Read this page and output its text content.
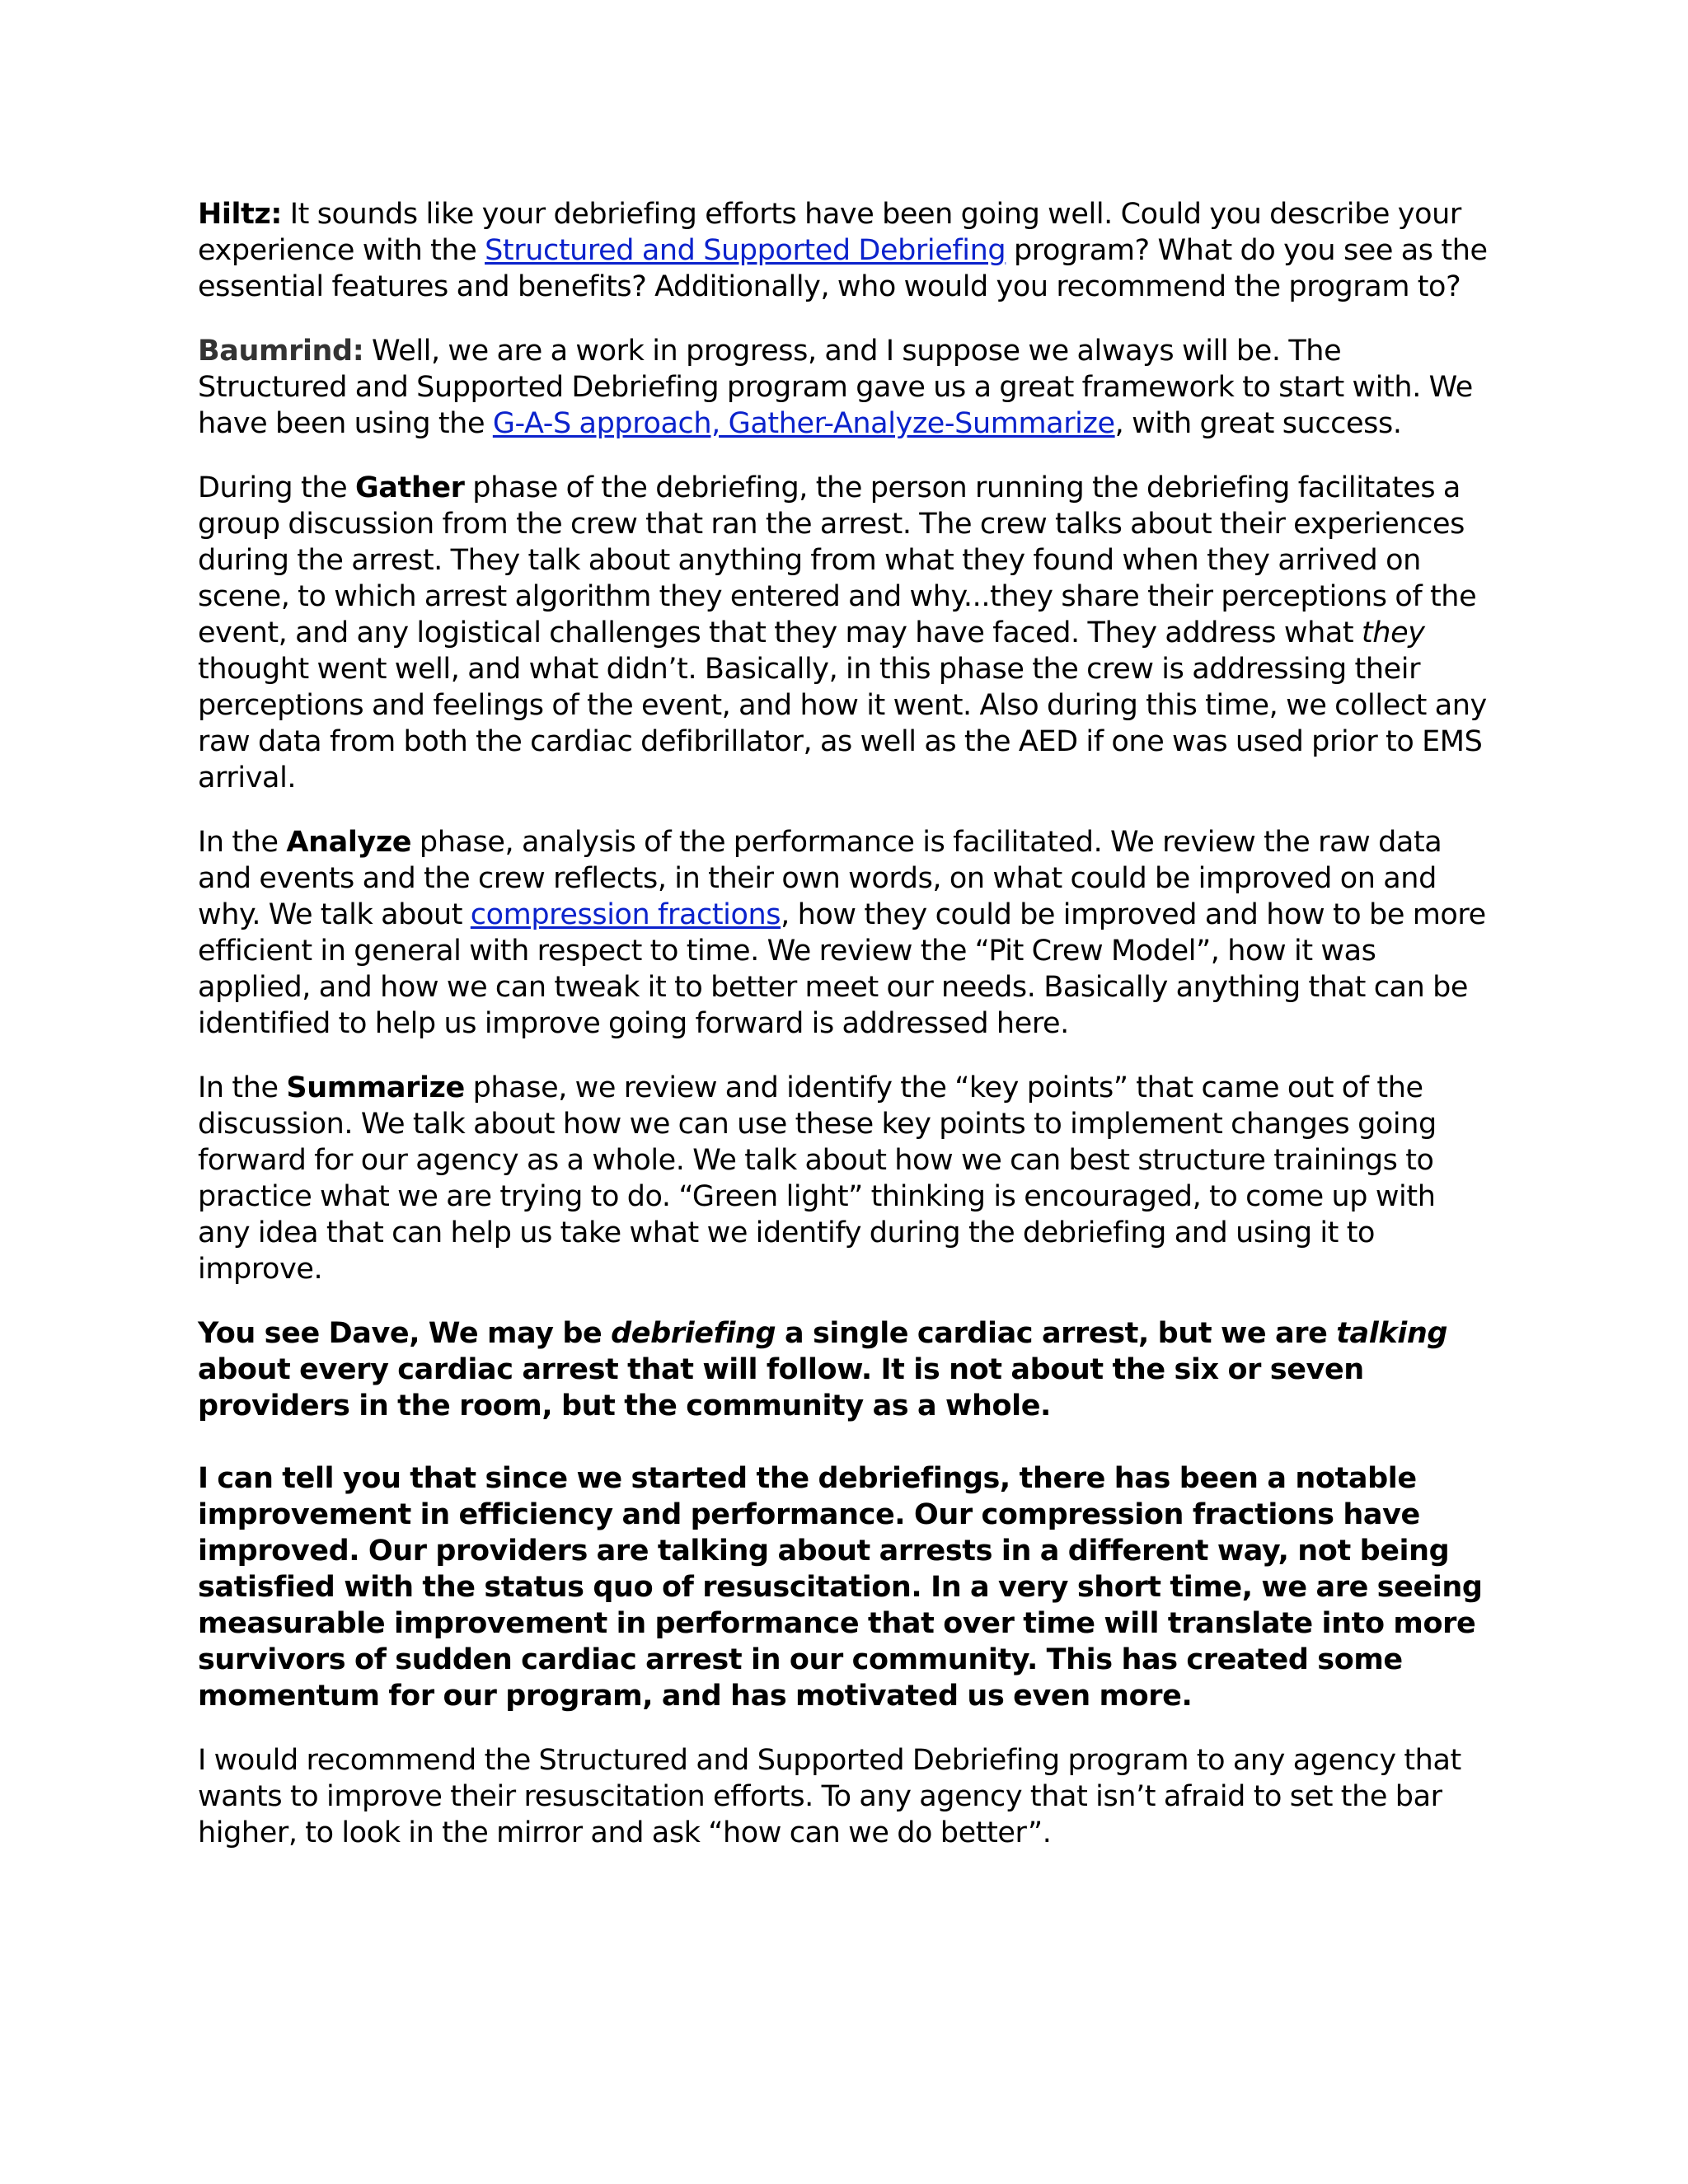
Hiltz: It sounds like your debriefing efforts have been going well. Could you describe your experience with the Structured and Supported Debriefing program? What do you see as the essential features and benefits? Additionally, who would you recommend the program to?

Baumrind: Well, we are a work in progress, and I suppose we always will be. The Structured and Supported Debriefing program gave us a great framework to start with. We have been using the G-A-S approach, Gather-Analyze-Summarize, with great success.

During the Gather phase of the debriefing, the person running the debriefing facilitates a group discussion from the crew that ran the arrest. The crew talks about their experiences during the arrest. They talk about anything from what they found when they arrived on scene, to which arrest algorithm they entered and why...they share their perceptions of the event, and any logistical challenges that they may have faced. They address what they thought went well, and what didn’t. Basically, in this phase the crew is addressing their perceptions and feelings of the event, and how it went. Also during this time, we collect any raw data from both the cardiac defibrillator, as well as the AED if one was used prior to EMS arrival.

In the Analyze phase, analysis of the performance is facilitated. We review the raw data and events and the crew reflects, in their own words, on what could be improved on and why. We talk about compression fractions, how they could be improved and how to be more efficient in general with respect to time. We review the “Pit Crew Model”, how it was applied, and how we can tweak it to better meet our needs. Basically anything that can be identified to help us improve going forward is addressed here.

In the Summarize phase, we review and identify the “key points” that came out of the discussion. We talk about how we can use these key points to implement changes going forward for our agency as a whole. We talk about how we can best structure trainings to practice what we are trying to do. “Green light” thinking is encouraged, to come up with any idea that can help us take what we identify during the debriefing and using it to improve.

You see Dave, We may be debriefing a single cardiac arrest, but we are talking about every cardiac arrest that will follow. It is not about the six or seven providers in the room, but the community as a whole.

I can tell you that since we started the debriefings, there has been a notable improvement in efficiency and performance. Our compression fractions have improved. Our providers are talking about arrests in a different way, not being satisfied with the status quo of resuscitation. In a very short time, we are seeing measurable improvement in performance that over time will translate into more survivors of sudden cardiac arrest in our community. This has created some momentum for our program, and has motivated us even more.

I would recommend the Structured and Supported Debriefing program to any agency that wants to improve their resuscitation efforts. To any agency that isn’t afraid to set the bar higher, to look in the mirror and ask “how can we do better”.
